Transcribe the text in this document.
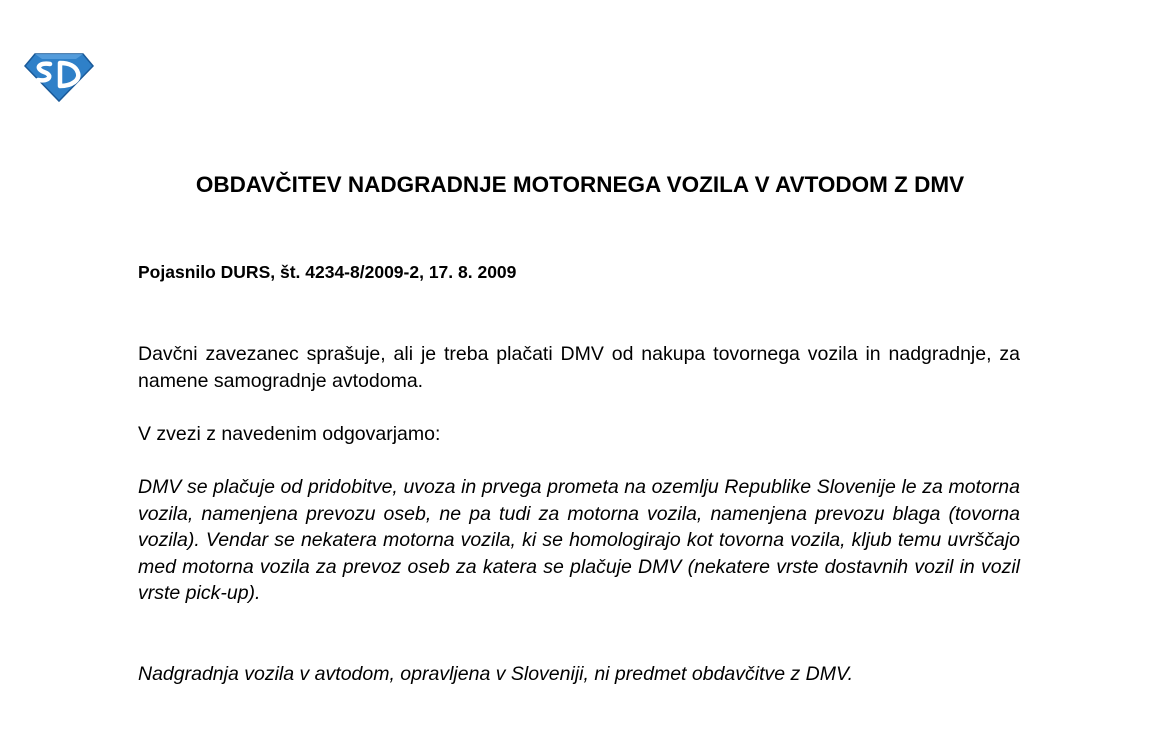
OBDAVČITEV NADGRADNJE MOTORNEGA VOZILA V AVTODOM Z DMV

Pojasnilo DURS, št. 4234-8/2009-2, 17. 8. 2009

Davčni zavezanec sprašuje, ali je treba plačati DMV od nakupa tovornega vozila in nadgradnje, za namene samogradnje avtodoma.

V zvezi z navedenim odgovarjamo:

DMV se plačuje od pridobitve, uvoza in prvega prometa na ozemlju Republike Slovenije le za motorna vozila, namenjena prevozu oseb, ne pa tudi za motorna vozila, namenjena prevozu blaga (tovorna vozila). Vendar se nekatera motorna vozila, ki se homologirajo kot tovorna vozila, kljub temu uvrščajo med motorna vozila za prevoz oseb za katera se plačuje DMV (nekatere vrste dostavnih vozil in vozil vrste pick-up).

Nadgradnja vozila v avtodom, opravljena v Sloveniji, ni predmet obdavčitve z DMV.
